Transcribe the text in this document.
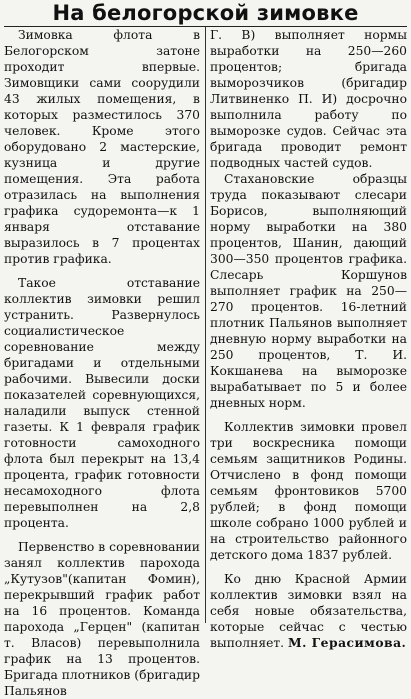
На белогорской зимовке

Зимовка флота в Белогорском затоне проходит впервые. Зимовщики сами соорудили 43 жилых помещения, в которых разместилось 370 человек. Кроме этого оборудовано 2 мастерские, кузница и другие помещения. Эта работа отразилась на выполнения графика судоремонта—к 1 января отставание выразилось в 7 процентах против графика.

Такое отставание коллектив зимовки решил устранить. Развернулось социалистическое соревнование между бригадами и отдельными рабочими. Вывесили доски показателей соревнующихся, наладили выпуск стенной газеты. К 1 февраля график готовности самоходного флота был перекрыт на 13,4 процента, график готовности несамоходного флота перевыполнен на 2,8 процента.

Первенство в соревновании занял коллектив парохода „Кутузов"(капитан Фомин), перекрывший график работ на 16 процентов. Команда парохода „Герцен" (капитан т. Власов) перевыполнила график на 13 процентов. Бригада плотников (бригадир Пальянов

Г. В) выполняет нормы выработки на 250—260 процентов; бригада выморозчиков (бригадир Литвиненко П. И) досрочно выполнила работу по выморозке судов. Сейчас эта бригада проводит ремонт подводных частей судов.

Стахановские образцы труда показывают слесари Борисов, выполняющий норму выработки на 380 процентов, Шанин, дающий 300—350 процентов графика. Слесарь Коршунов выполняет график на 250—270 процентов. 16-летний плотник Пальянов выполняет дневную норму выработки на 250 процентов, Т. И. Кокшанева на выморозке вырабатывает по 5 и более дневных норм.

Коллектив зимовки провел три воскресника помощи семьям защитников Родины. Отчислено в фонд помощи семьям фронтовиков 5700 рублей; в фонд помощи школе собрано 1000 рублей и на строительство районного детского дома 1837 рублей.

Ко дню Красной Армии коллектив зимовки взял на себя новые обязательства, которые сейчас с честью выполняет. М. Герасимова.
